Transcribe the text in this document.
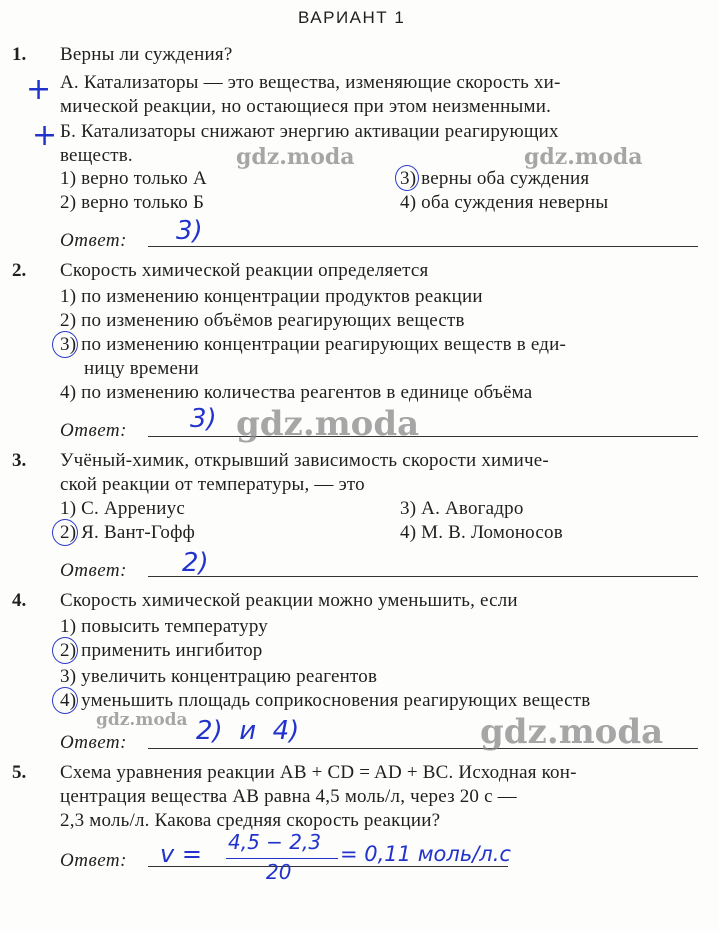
ВАРИАНТ 1
1. Верны ли суждения?
+ А. Катализаторы — это вещества, изменяющие скорость хи-
мической реакции, но остающиеся при этом неизменными.
+ Б. Катализаторы снижают энергию активации реагирующих
веществ.	gdz.moda	gdz.moda
1) верно только А	3) верны оба суждения
2) верно только Б	4) оба суждения неверны
Ответ: 3)
2. Скорость химической реакции определяется
1) по изменению концентрации продуктов реакции
2) по изменению объёмов реагирующих веществ
3) по изменению концентрации реагирующих веществ в еди-
ницу времени
4) по изменению количества реагентов в единице объёма
Ответ: 3) gdz.moda
3. Учёный-химик, открывший зависимость скорости химиче-
ской реакции от температуры, — это
1) С. Аррениус	3) А. Авогадро
2) Я. Вант-Гофф	4) М. В. Ломоносов
Ответ: 2)
4. Скорость химической реакции можно уменьшить, если
1) повысить температуру
2) применить ингибитор
3) увеличить концентрацию реагентов
4) уменьшить площадь соприкосновения реагирующих веществ
gdz.moda
Ответ:	2)  и  4)	gdz.moda
5. Схема уравнения реакции AB + CD = AD + BC. Исходная кон-
центрация вещества AB равна 4,5 моль/л, через 20 с —
2,3 моль/л. Какова средняя скорость реакции?
Ответ: v = 4,5 − 2,3
20
= 0,11 моль/л.с
